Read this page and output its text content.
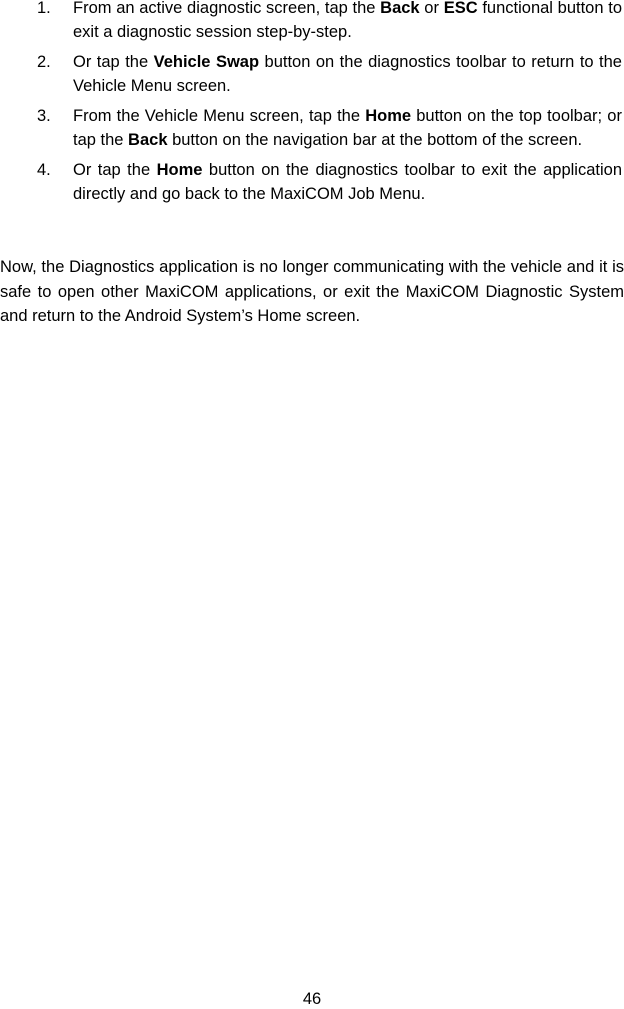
1. From an active diagnostic screen, tap the Back or ESC functional button to exit a diagnostic session step-by-step.
2. Or tap the Vehicle Swap button on the diagnostics toolbar to return to the Vehicle Menu screen.
3. From the Vehicle Menu screen, tap the Home button on the top toolbar; or tap the Back button on the navigation bar at the bottom of the screen.
4. Or tap the Home button on the diagnostics toolbar to exit the application directly and go back to the MaxiCOM Job Menu.

Now, the Diagnostics application is no longer communicating with the vehicle and it is safe to open other MaxiCOM applications, or exit the MaxiCOM Diagnostic System and return to the Android System’s Home screen.

46
